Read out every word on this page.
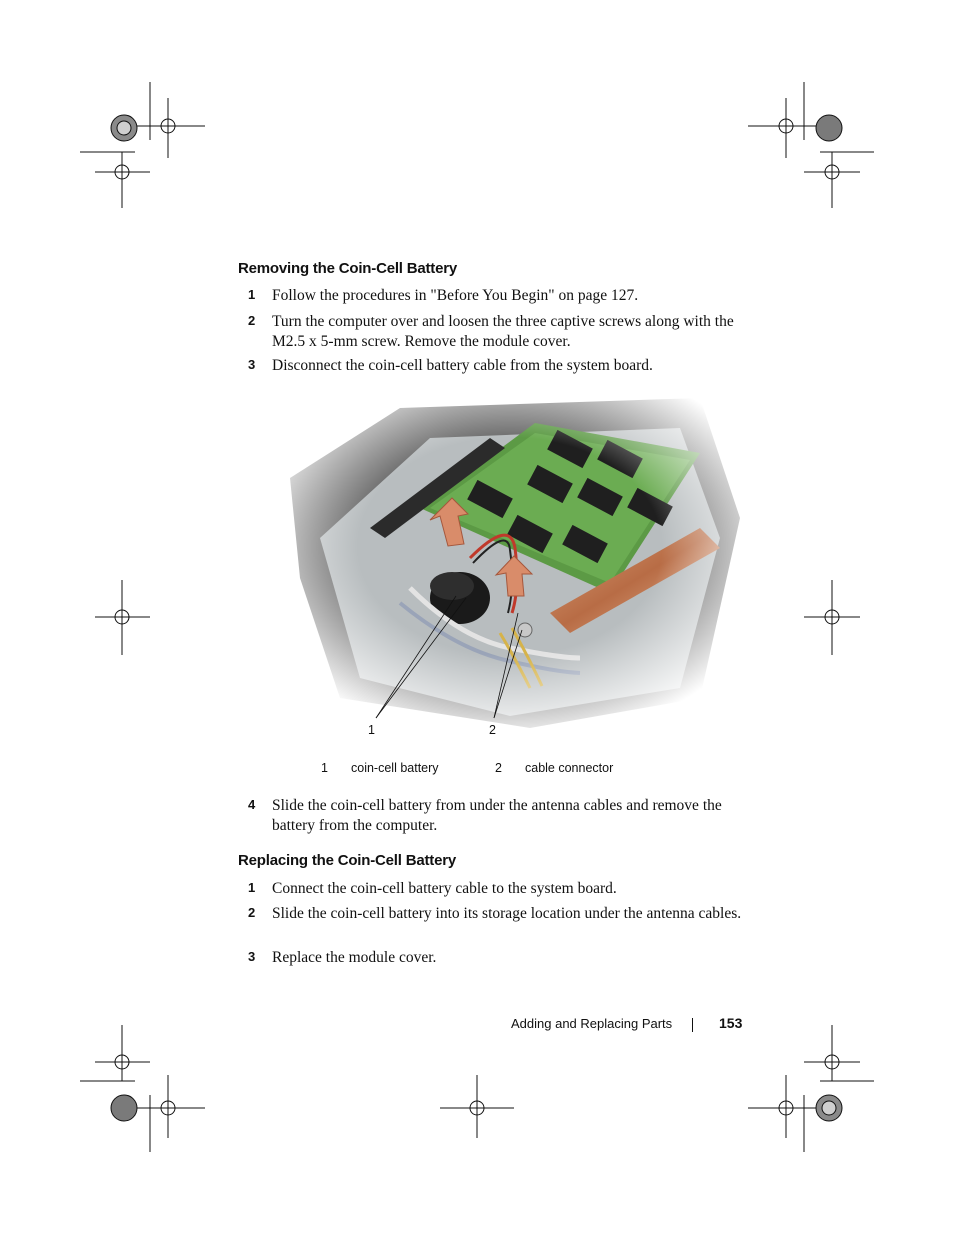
Removing the Coin-Cell Battery
1 Follow the procedures in "Before You Begin" on page 127.
2 Turn the computer over and loosen the three captive screws along with the M2.5 x 5-mm screw. Remove the module cover.
3 Disconnect the coin-cell battery cable from the system board.
1	2
1 coin-cell battery	2 cable connector
4 Slide the coin-cell battery from under the antenna cables and remove the battery from the computer.
Replacing the Coin-Cell Battery
1 Connect the coin-cell battery cable to the system board.
2 Slide the coin-cell battery into its storage location under the antenna cables.
3 Replace the module cover.
Adding and Replacing Parts	153
